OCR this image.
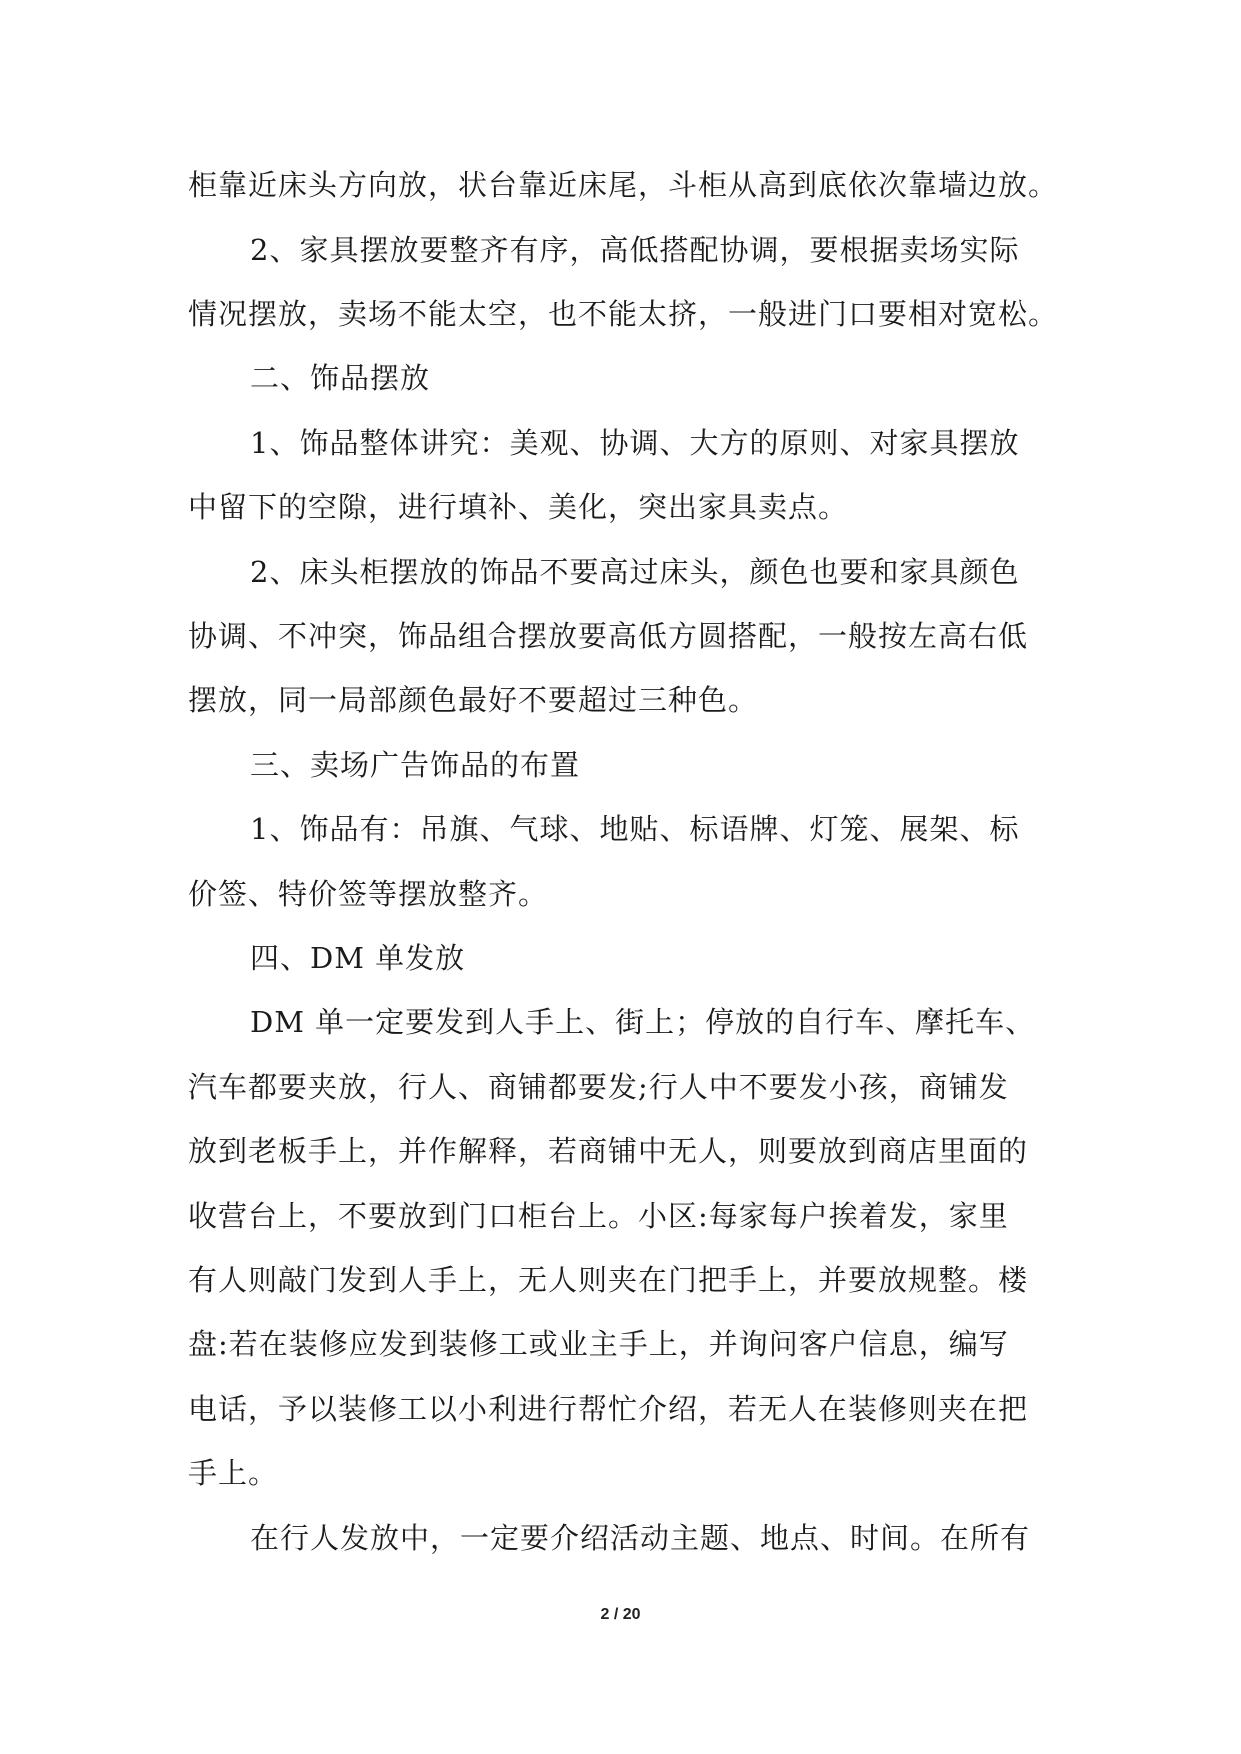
柜靠近床头方向放，状台靠近床尾，斗柜从高到底依次靠墙边放。
2、家具摆放要整齐有序，高低搭配协调，要根据卖场实际
情况摆放，卖场不能太空，也不能太挤，一般进门口要相对宽松。
二、饰品摆放
1、饰品整体讲究：美观、协调、大方的原则、对家具摆放
中留下的空隙，进行填补、美化，突出家具卖点。
2、床头柜摆放的饰品不要高过床头，颜色也要和家具颜色
协调、不冲突，饰品组合摆放要高低方圆搭配，一般按左高右低
摆放，同一局部颜色最好不要超过三种色。
三、卖场广告饰品的布置
1、饰品有：吊旗、气球、地贴、标语牌、灯笼、展架、标
价签、特价签等摆放整齐。
四、DM 单发放
DM 单一定要发到人手上、街上；停放的自行车、摩托车、
汽车都要夹放，行人、商铺都要发;行人中不要发小孩，商铺发
放到老板手上，并作解释，若商铺中无人，则要放到商店里面的
收营台上，不要放到门口柜台上。小区:每家每户挨着发，家里
有人则敲门发到人手上，无人则夹在门把手上，并要放规整。楼
盘:若在装修应发到装修工或业主手上，并询问客户信息，编写
电话，予以装修工以小利进行帮忙介绍，若无人在装修则夹在把
手上。
在行人发放中，一定要介绍活动主题、地点、时间。在所有
2 / 20
